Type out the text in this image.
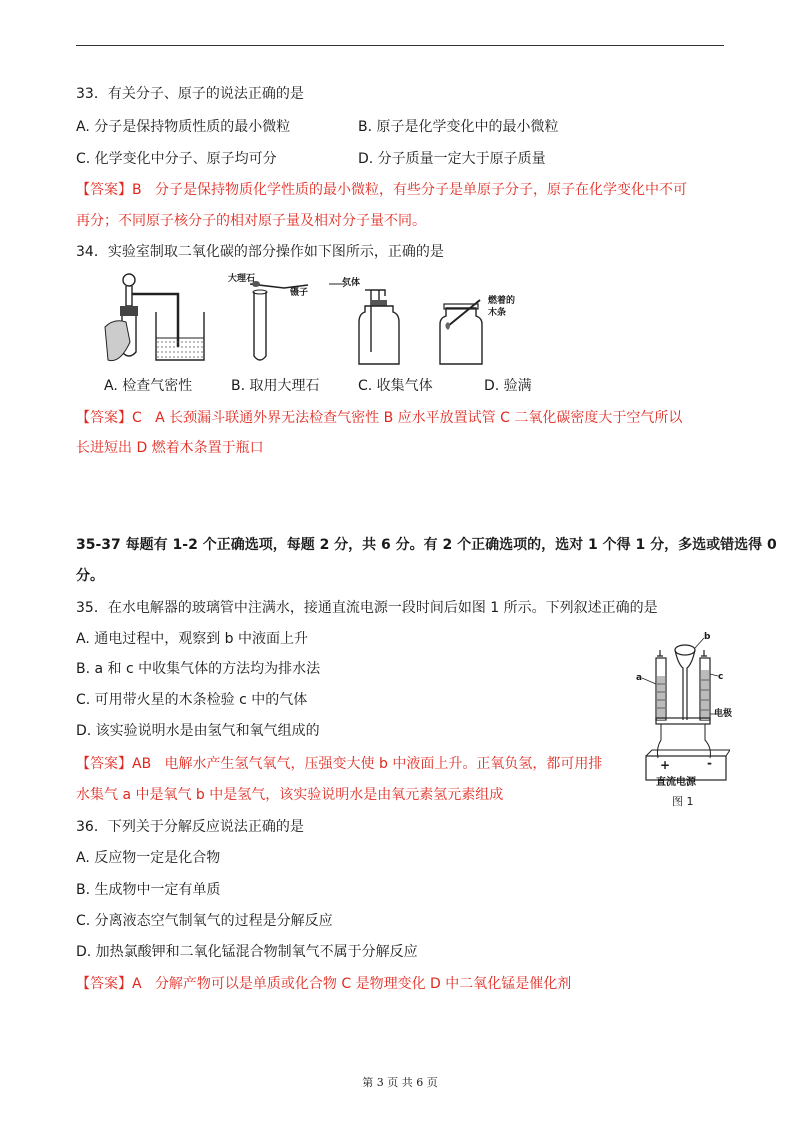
33．有关分子、原子的说法正确的是
A. 分子是保持物质性质的最小微粒	B. 原子是化学变化中的最小微粒
C. 化学变化中分子、原子均可分	D. 分子质量一定大于原子质量
【答案】B 分子是保持物质化学性质的最小微粒，有些分子是单原子分子，原子在化学变化中不可
再分；不同原子核分子的相对原子量及相对分子量不同。
34．实验室制取二氧化碳的部分操作如下图所示，正确的是
大理石
镊子
气体
燃着的
木条
A. 检查气密性	B. 取用大理石	C. 收集气体	D. 验满
【答案】C A 长颈漏斗联通外界无法检查气密性 B 应水平放置试管 C 二氧化碳密度大于空气所以
长进短出 D 燃着木条置于瓶口
35-37 每题有 1-2 个正确选项，每题 2 分，共 6 分。有 2 个正确选项的，选对 1 个得 1 分，多选或错选得 0
分。
35．在水电解器的玻璃管中注满水，接通直流电源一段时间后如图 1 所示。下列叙述正确的是
A. 通电过程中，观察到 b 中液面上升
B. a 和 c 中收集气体的方法均为排水法
C. 可用带火星的木条检验 c 中的气体
D. 该实验说明水是由氢气和氧气组成的
【答案】AB 电解水产生氢气氧气，压强变大使 b 中液面上升。正氧负氢，都可用排
水集气 a 中是氧气 b 中是氢气，该实验说明水是由氧元素氢元素组成
b
a	c
电极
+	-
直流电源
图 1
36．下列关于分解反应说法正确的是
A. 反应物一定是化合物
B. 生成物中一定有单质
C. 分离液态空气制氧气的过程是分解反应
D. 加热氯酸钾和二氧化锰混合物制氧气不属于分解反应
【答案】A 分解产物可以是单质或化合物 C 是物理变化 D 中二氧化锰是催化剂
第 3 页 共 6 页
